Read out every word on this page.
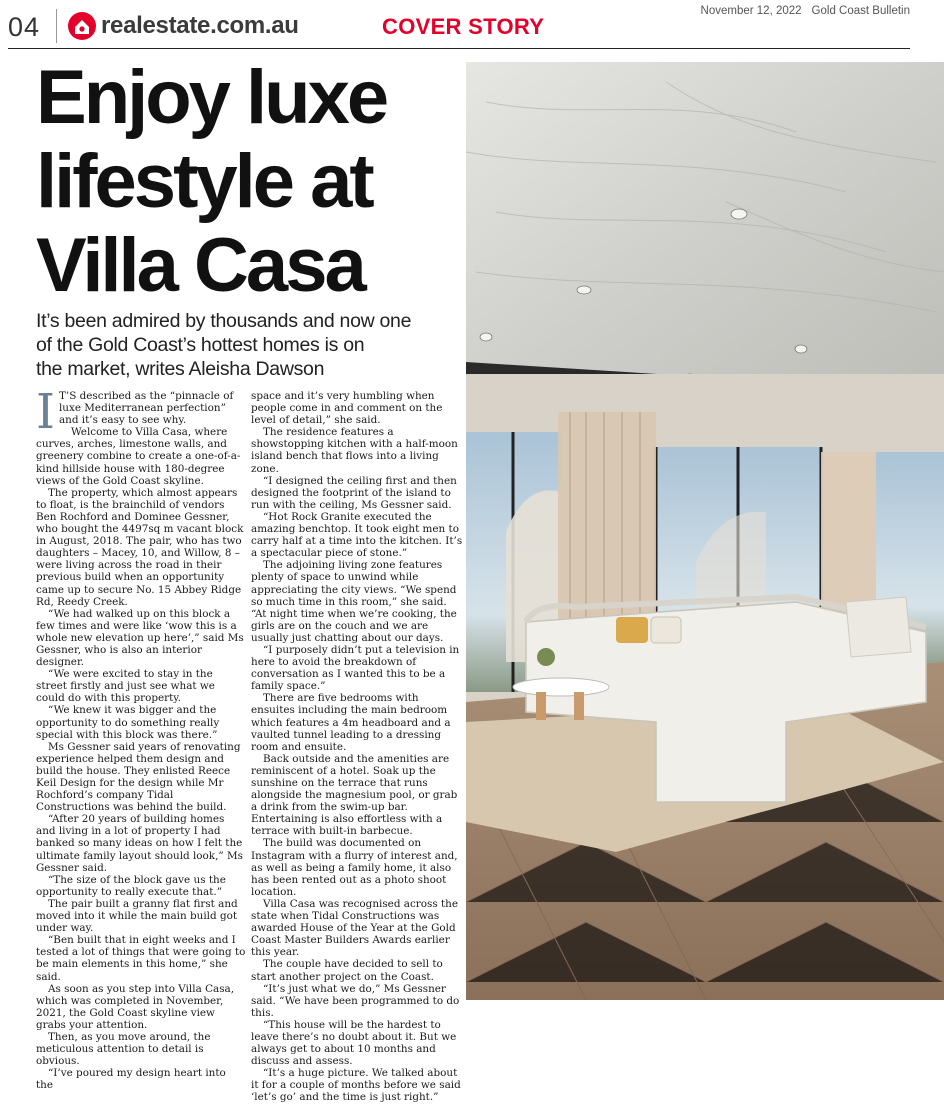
04	realestate.com.au	COVER STORY
November 12, 2022 Gold Coast Bulletin
Enjoy luxe
lifestyle at
Villa Casa

It’s been admired by thousands and now one
of the Gold Coast’s hottest homes is on
the market, writes Aleisha Dawson

I T’S described as the “pinnacle of luxe Mediterranean perfection” and it’s easy to see why.

Welcome to Villa Casa, where curves, arches, limestone walls, and greenery combine to create a one-of-a-kind hillside house with 180-degree views of the Gold Coast skyline.

The property, which almost appears to float, is the brainchild of vendors Ben Rochford and Dominee Gessner, who bought the 4497sq m vacant block in August, 2018. The pair, who has two daughters – Macey, 10, and Willow, 8 – were living across the road in their previous build when an opportunity came up to secure No. 15 Abbey Ridge Rd, Reedy Creek.

“We had walked up on this block a few times and were like ‘wow this is a whole new elevation up here’,” said Ms Gessner, who is also an interior designer.

“We were excited to stay in the street firstly and just see what we could do with this property.

“We knew it was bigger and the opportunity to do something really special with this block was there.”

Ms Gessner said years of renovating experience helped them design and build the house. They enlisted Reece Keil Design for the design while Mr Rochford’s company Tidal Constructions was behind the build.

“After 20 years of building homes and living in a lot of property I had banked so many ideas on how I felt the ultimate family layout should look,” Ms Gessner said.

“The size of the block gave us the opportunity to really execute that.”

The pair built a granny flat first and moved into it while the main build got under way.

“Ben built that in eight weeks and I tested a lot of things that were going to be main elements in this home,” she said.

As soon as you step into Villa Casa, which was completed in November, 2021, the Gold Coast skyline view grabs your attention.

Then, as you move around, the meticulous attention to detail is obvious.

“I’ve poured my design heart into the

space and it’s very humbling when people come in and comment on the level of detail,” she said.

The residence features a showstopping kitchen with a half-moon island bench that flows into a living zone.

“I designed the ceiling first and then designed the footprint of the island to run with the ceiling, Ms Gessner said.

“Hot Rock Granite executed the amazing benchtop. It took eight men to carry half at a time into the kitchen. It’s a spectacular piece of stone.”

The adjoining living zone features plenty of space to unwind while appreciating the city views. “We spend so much time in this room,” she said. “At night time when we’re cooking, the girls are on the couch and we are usually just chatting about our days.

“I purposely didn’t put a television in here to avoid the breakdown of conversation as I wanted this to be a family space.”

There are five bedrooms with ensuites including the main bedroom which features a 4m headboard and a vaulted tunnel leading to a dressing room and ensuite.

Back outside and the amenities are reminiscent of a hotel. Soak up the sunshine on the terrace that runs alongside the magnesium pool, or grab a drink from the swim-up bar. Entertaining is also effortless with a terrace with built-in barbecue.

The build was documented on Instagram with a flurry of interest and, as well as being a family home, it also has been rented out as a photo shoot location.

Villa Casa was recognised across the state when Tidal Constructions was awarded House of the Year at the Gold Coast Master Builders Awards earlier this year.

The couple have decided to sell to start another project on the Coast.

“It’s just what we do,” Ms Gessner said. “We have been programmed to do this.

“This house will be the hardest to leave there’s no doubt about it. But we always get to about 10 months and discuss and assess.

“It’s a huge picture. We talked about it for a couple of months before we said ‘let’s go’ and the time is just right.”
